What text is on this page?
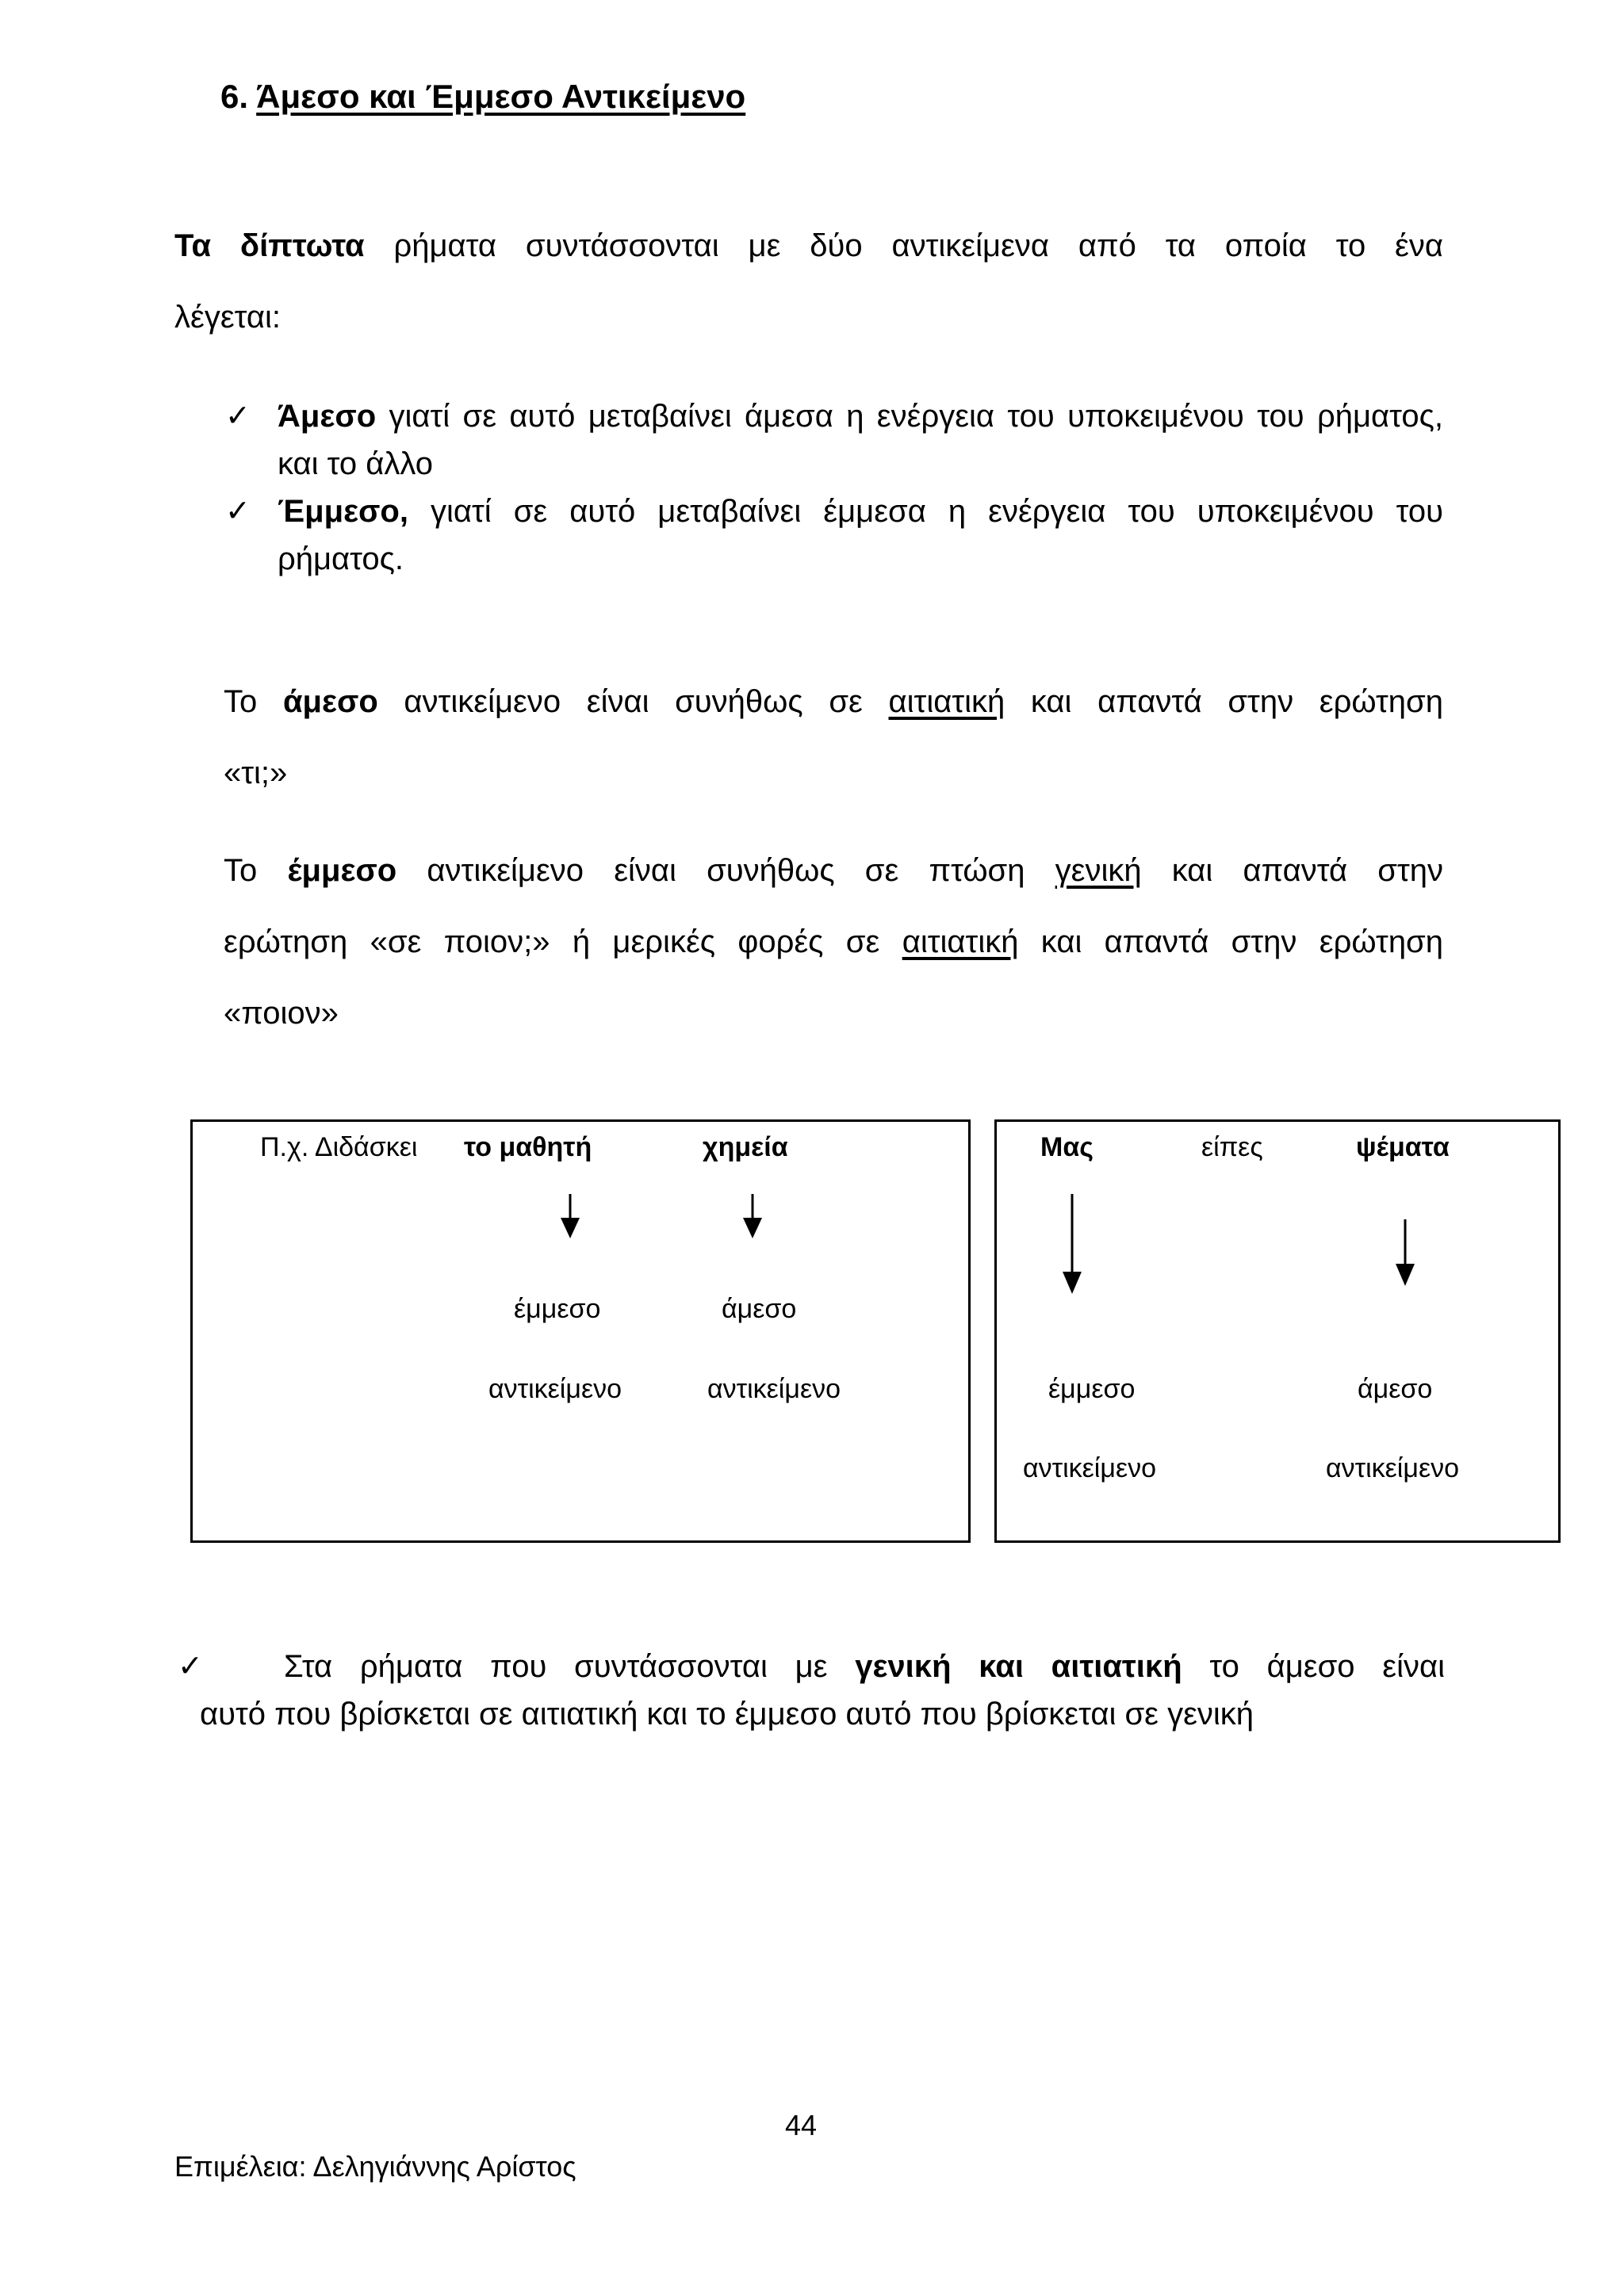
6. Άμεσο και Έμμεσο Αντικείμενο
Τα δίπτωτα ρήματα συντάσσονται με δύο αντικείμενα από τα οποία το ένα
λέγεται:
✓ Άμεσο γιατί σε αυτό μεταβαίνει άμεσα η ενέργεια του υποκειμένου του ρήματος, και το άλλο
✓ Έμμεσο, γιατί σε αυτό μεταβαίνει έμμεσα η ενέργεια του υποκειμένου του ρήματος.
Το άμεσο αντικείμενο είναι συνήθως σε αιτιατική και απαντά στην ερώτηση
«τι;»
Το έμμεσο αντικείμενο είναι συνήθως σε πτώση γενική και απαντά στην
ερώτηση «σε ποιον;» ή μερικές φορές σε αιτιατική και απαντά στην ερώτηση
«ποιον»
Π.χ. Διδάσκει το μαθητή	χημεία
έμμεσο
αντικείμενο
άμεσο
αντικείμενο
Μας	είπες	ψέματα
έμμεσο
αντικείμενο
άμεσο
αντικείμενο
✓	Στα ρήματα που συντάσσονται με γενική και αιτιατική το άμεσο είναι
αυτό που βρίσκεται σε αιτιατική και το έμμεσο αυτό που βρίσκεται σε γενική
44
Επιμέλεια: Δεληγιάννης Αρίστος
